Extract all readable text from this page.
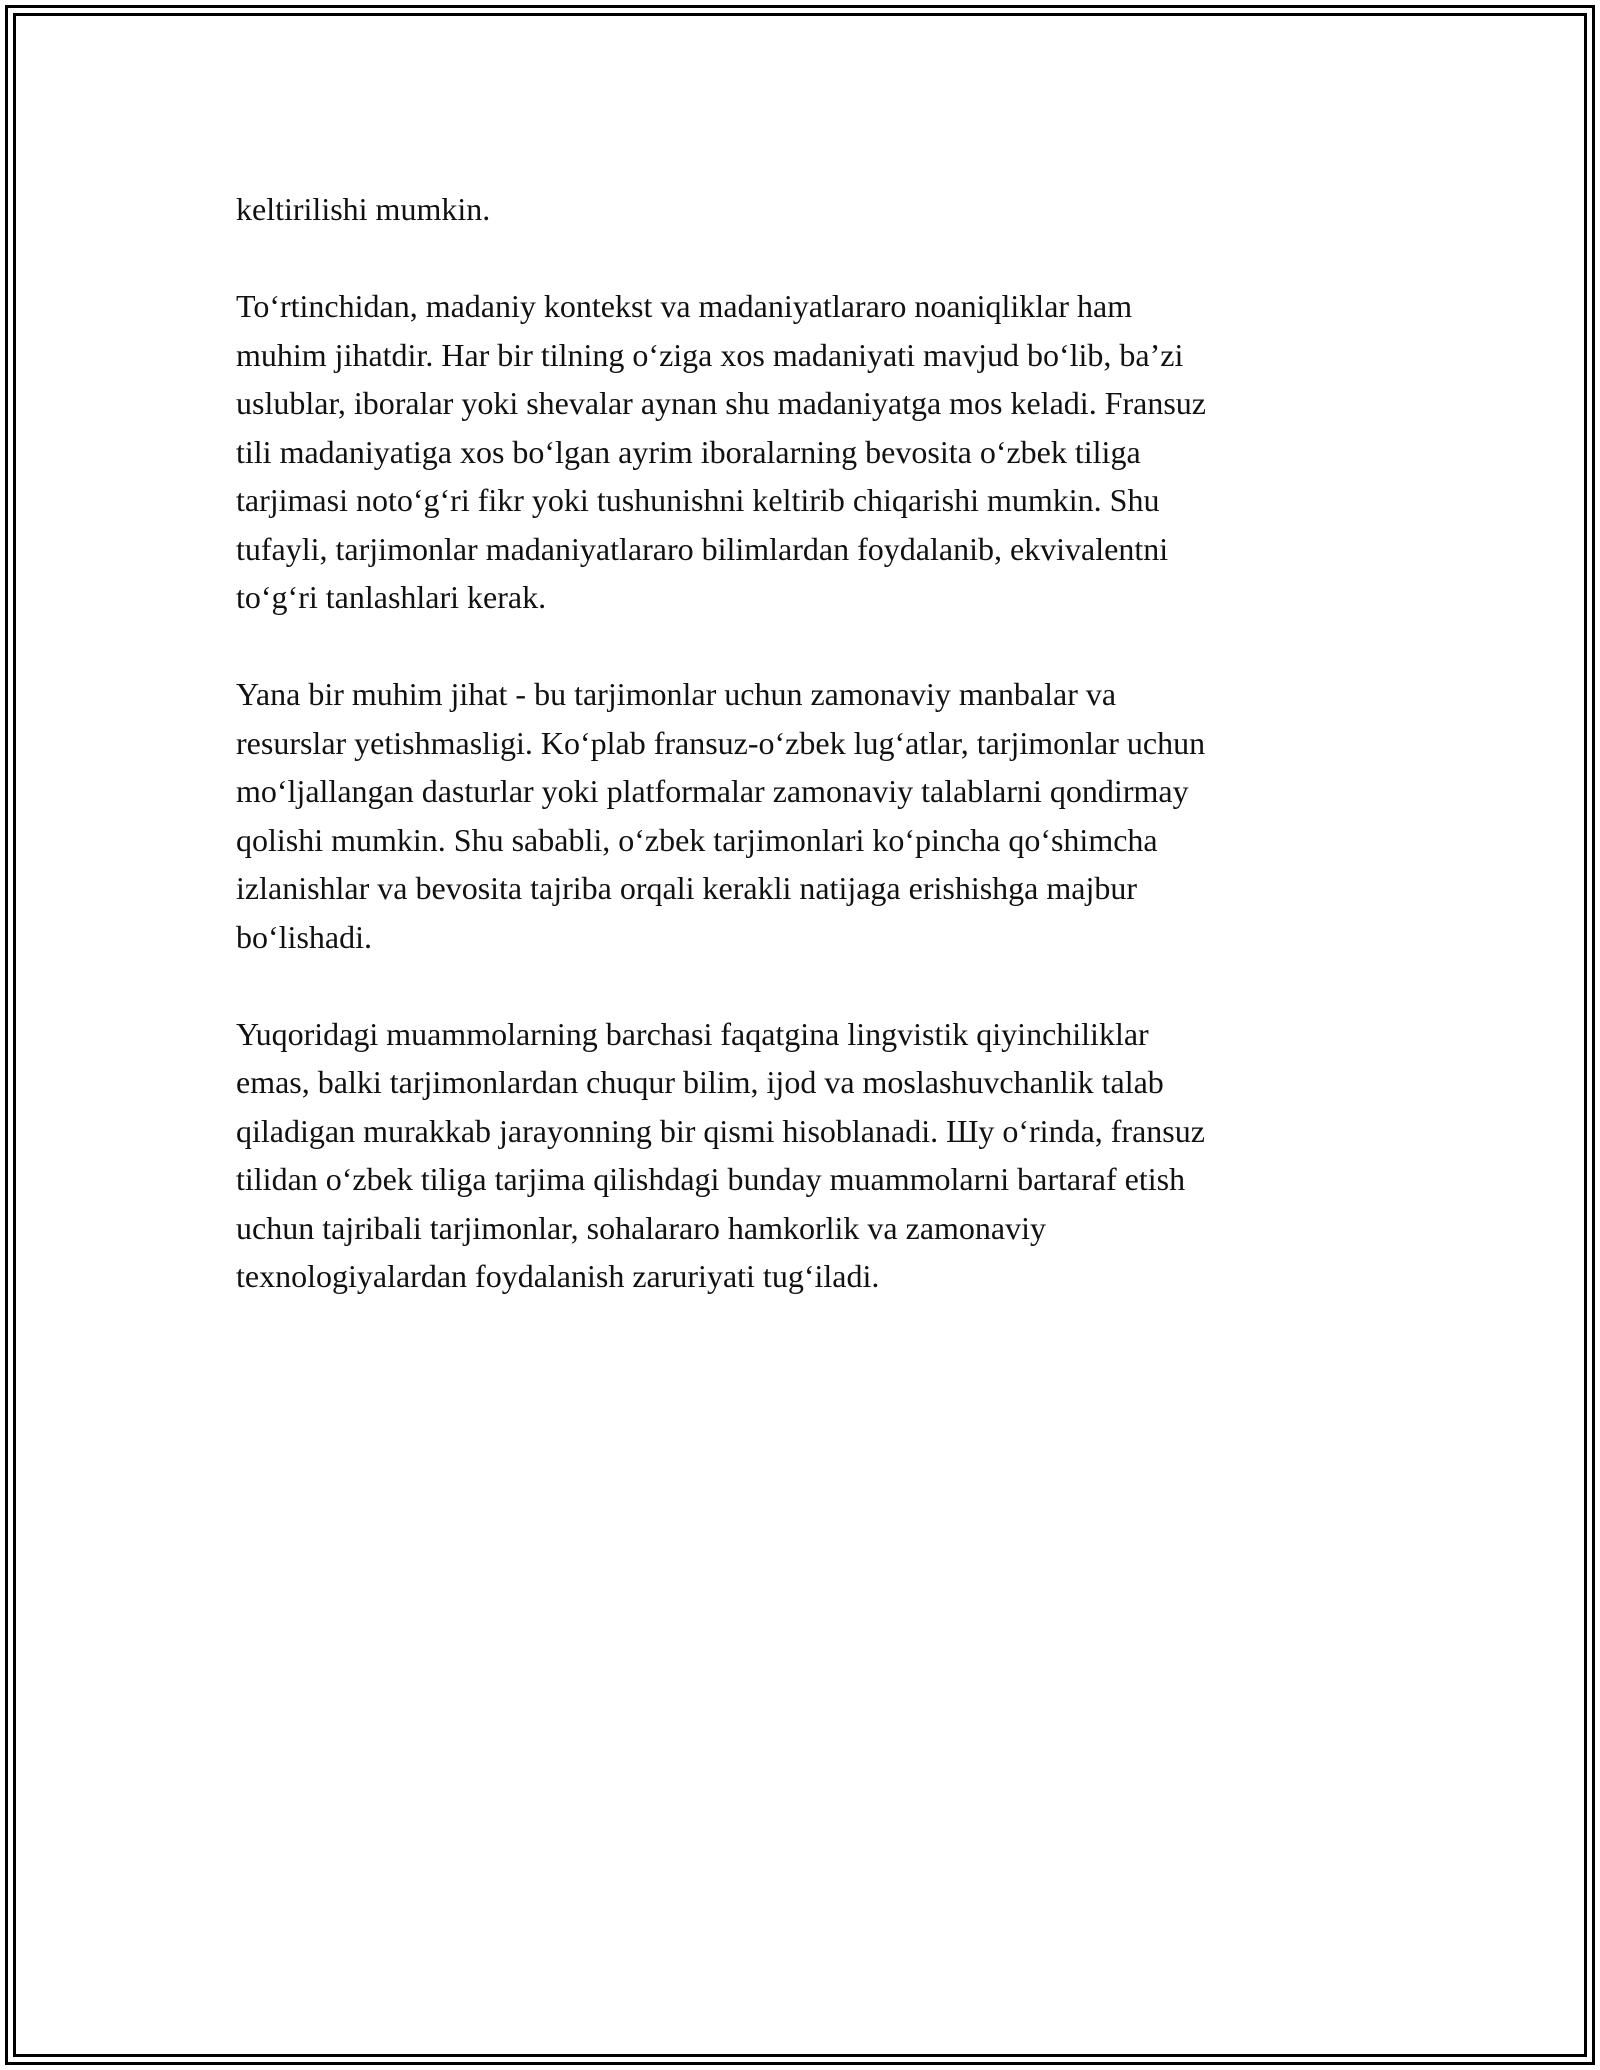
keltirilishi mumkin.

To‘rtinchidan, madaniy kontekst va madaniyatlararo noaniqliklar ham
muhim jihatdir. Har bir tilning o‘ziga xos madaniyati mavjud bo‘lib, ba’zi
uslublar, iboralar yoki shevalar aynan shu madaniyatga mos keladi. Fransuz
tili madaniyatiga xos bo‘lgan ayrim iboralarning bevosita o‘zbek tiliga
tarjimasi noto‘g‘ri fikr yoki tushunishni keltirib chiqarishi mumkin. Shu
tufayli, tarjimonlar madaniyatlararo bilimlardan foydalanib, ekvivalentni
to‘g‘ri tanlashlari kerak.

Yana bir muhim jihat - bu tarjimonlar uchun zamonaviy manbalar va
resurslar yetishmasligi. Ko‘plab fransuz-o‘zbek lug‘atlar, tarjimonlar uchun
mo‘ljallangan dasturlar yoki platformalar zamonaviy talablarni qondirmay
qolishi mumkin. Shu sababli, o‘zbek tarjimonlari ko‘pincha qo‘shimcha
izlanishlar va bevosita tajriba orqali kerakli natijaga erishishga majbur
bo‘lishadi.

Yuqoridagi muammolarning barchasi faqatgina lingvistik qiyinchiliklar
emas, balki tarjimonlardan chuqur bilim, ijod va moslashuvchanlik talab
qiladigan murakkab jarayonning bir qismi hisoblanadi. Шу o‘rinda, fransuz
tilidan o‘zbek tiliga tarjima qilishdagi bunday muammolarni bartaraf etish
uchun tajribali tarjimonlar, sohalararo hamkorlik va zamonaviy
texnologiyalardan foydalanish zaruriyati tug‘iladi.
